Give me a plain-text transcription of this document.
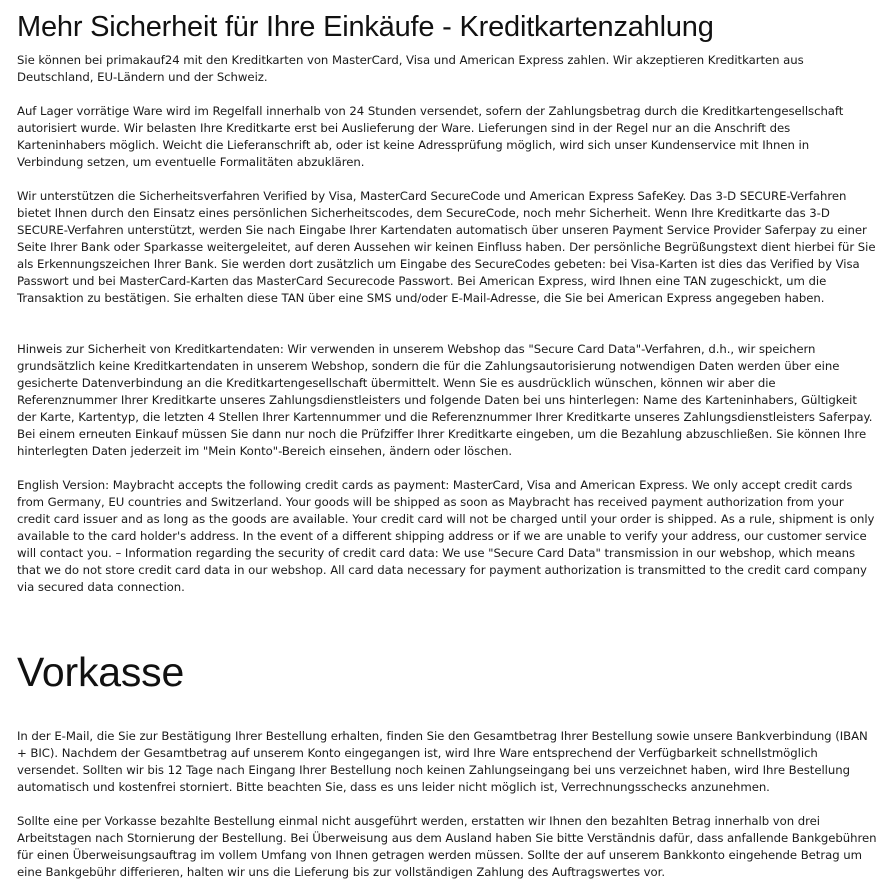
Mehr Sicherheit für Ihre Einkäufe - Kreditkartenzahlung

Sie können bei primakauf24 mit den Kreditkarten von MasterCard, Visa und American Express zahlen. Wir akzeptieren Kreditkarten aus Deutschland, EU-Ländern und der Schweiz.

Auf Lager vorrätige Ware wird im Regelfall innerhalb von 24 Stunden versendet, sofern der Zahlungsbetrag durch die Kreditkartengesellschaft autorisiert wurde. Wir belasten Ihre Kreditkarte erst bei Auslieferung der Ware. Lieferungen sind in der Regel nur an die Anschrift des Karteninhabers möglich. Weicht die Lieferanschrift ab, oder ist keine Adressprüfung möglich, wird sich unser Kundenservice mit Ihnen in Verbindung setzen, um eventuelle Formalitäten abzuklären.

Wir unterstützen die Sicherheitsverfahren Verified by Visa, MasterCard SecureCode und American Express SafeKey. Das 3-D SECURE-Verfahren bietet Ihnen durch den Einsatz eines persönlichen Sicherheitscodes, dem SecureCode, noch mehr Sicherheit. Wenn Ihre Kreditkarte das 3-D SECURE-Verfahren unterstützt, werden Sie nach Eingabe Ihrer Kartendaten automatisch über unseren Payment Service Provider Saferpay zu einer Seite Ihrer Bank oder Sparkasse weitergeleitet, auf deren Aussehen wir keinen Einfluss haben. Der persönliche Begrüßungstext dient hierbei für Sie als Erkennungszeichen Ihrer Bank. Sie werden dort zusätzlich um Eingabe des SecureCodes gebeten: bei Visa-Karten ist dies das Verified by Visa Passwort und bei MasterCard-Karten das MasterCard Securecode Passwort. Bei American Express, wird Ihnen eine TAN zugeschickt, um die Transaktion zu bestätigen. Sie erhalten diese TAN über eine SMS und/oder E-Mail-Adresse, die Sie bei American Express angegeben haben.

Hinweis zur Sicherheit von Kreditkartendaten: Wir verwenden in unserem Webshop das "Secure Card Data"-Verfahren, d.h., wir speichern grundsätzlich keine Kreditkartendaten in unserem Webshop, sondern die für die Zahlungsautorisierung notwendigen Daten werden über eine gesicherte Datenverbindung an die Kreditkartengesellschaft übermittelt. Wenn Sie es ausdrücklich wünschen, können wir aber die Referenznummer Ihrer Kreditkarte unseres Zahlungsdienstleisters und folgende Daten bei uns hinterlegen: Name des Karteninhabers, Gültigkeit der Karte, Kartentyp, die letzten 4 Stellen Ihrer Kartennummer und die Referenznummer Ihrer Kreditkarte unseres Zahlungsdienstleisters Saferpay. Bei einem erneuten Einkauf müssen Sie dann nur noch die Prüfziffer Ihrer Kreditkarte eingeben, um die Bezahlung abzuschließen. Sie können Ihre hinterlegten Daten jederzeit im "Mein Konto"-Bereich einsehen, ändern oder löschen.

English Version: Maybracht accepts the following credit cards as payment: MasterCard, Visa and American Express. We only accept credit cards from Germany, EU countries and Switzerland. Your goods will be shipped as soon as Maybracht has received payment authorization from your credit card issuer and as long as the goods are available. Your credit card will not be charged until your order is shipped. As a rule, shipment is only available to the card holder's address. In the event of a different shipping address or if we are unable to verify your address, our customer service will contact you. – Information regarding the security of credit card data: We use "Secure Card Data" transmission in our webshop, which means that we do not store credit card data in our webshop. All card data necessary for payment authorization is transmitted to the credit card company via secured data connection.

Vorkasse

In der E-Mail, die Sie zur Bestätigung Ihrer Bestellung erhalten, finden Sie den Gesamtbetrag Ihrer Bestellung sowie unsere Bankverbindung (IBAN + BIC). Nachdem der Gesamtbetrag auf unserem Konto eingegangen ist, wird Ihre Ware entsprechend der Verfügbarkeit schnellstmöglich versendet. Sollten wir bis 12 Tage nach Eingang Ihrer Bestellung noch keinen Zahlungseingang bei uns verzeichnet haben, wird Ihre Bestellung automatisch und kostenfrei storniert. Bitte beachten Sie, dass es uns leider nicht möglich ist, Verrechnungsschecks anzunehmen.

Sollte eine per Vorkasse bezahlte Bestellung einmal nicht ausgeführt werden, erstatten wir Ihnen den bezahlten Betrag innerhalb von drei Arbeitstagen nach Stornierung der Bestellung. Bei Überweisung aus dem Ausland haben Sie bitte Verständnis dafür, dass anfallende Bankgebühren für einen Überweisungsauftrag im vollem Umfang von Ihnen getragen werden müssen. Sollte der auf unserem Bankkonto eingehende Betrag um eine Bankgebühr differieren, halten wir uns die Lieferung bis zur vollständigen Zahlung des Auftragswertes vor.
